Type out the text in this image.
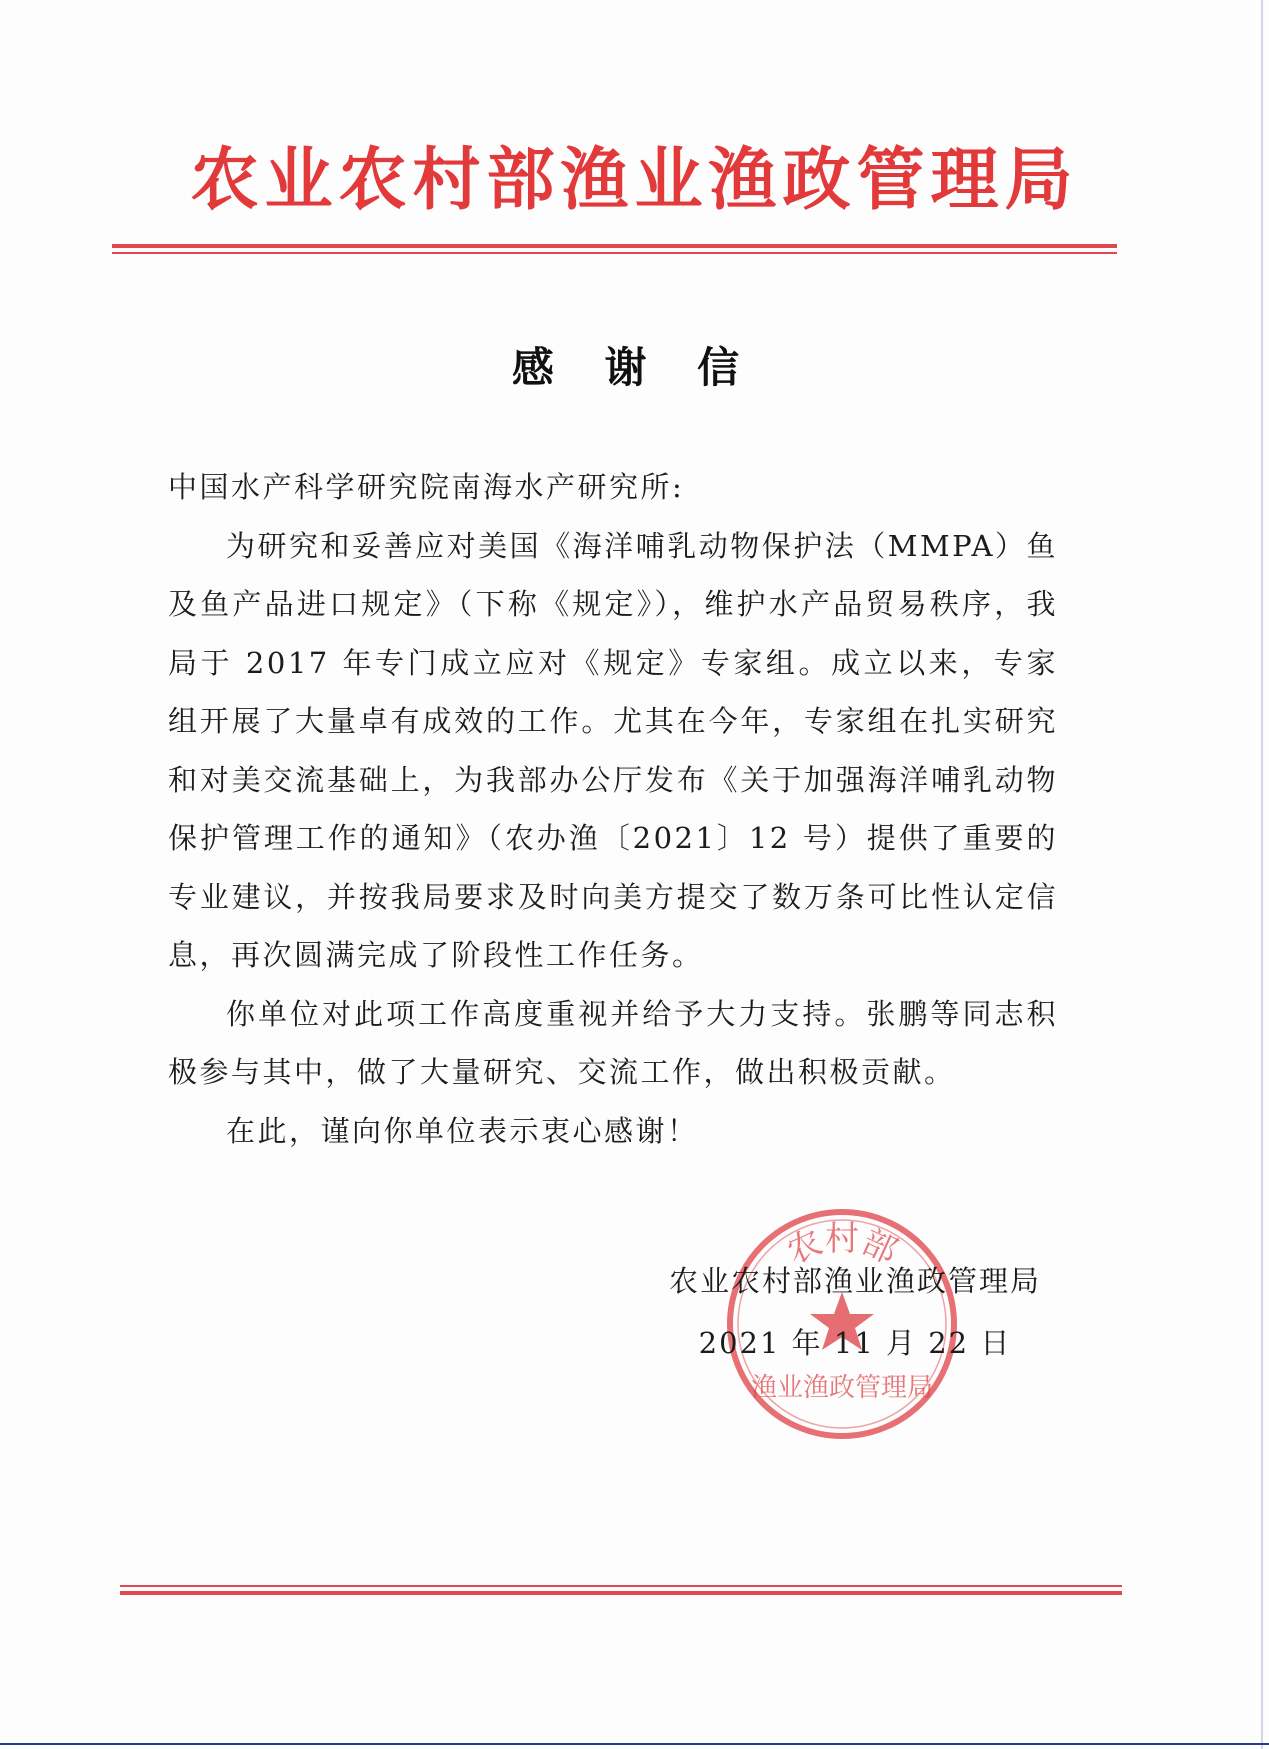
农业农村部渔业渔政管理局
感 谢 信

中国水产科学研究院南海水产研究所:

为研究和妥善应对美国《海洋哺乳动物保护法（MMPA）鱼及鱼产品进口规定》（下称《规定》），维护水产品贸易秩序，我局于 2017 年专门成立应对《规定》专家组。成立以来，专家组开展了大量卓有成效的工作。尤其在今年，专家组在扎实研究和对美交流基础上，为我部办公厅发布《关于加强海洋哺乳动物保护管理工作的通知》（农办渔〔2021〕12 号）提供了重要的专业建议，并按我局要求及时向美方提交了数万条可比性认定信息，再次圆满完成了阶段性工作任务。

你单位对此项工作高度重视并给予大力支持。张鹏等同志积极参与其中，做了大量研究、交流工作，做出积极贡献。

在此，谨向你单位表示衷心感谢！

农村部
渔业渔政管理局
农业农村部渔业渔政管理局
2021 年 11 月 22 日
